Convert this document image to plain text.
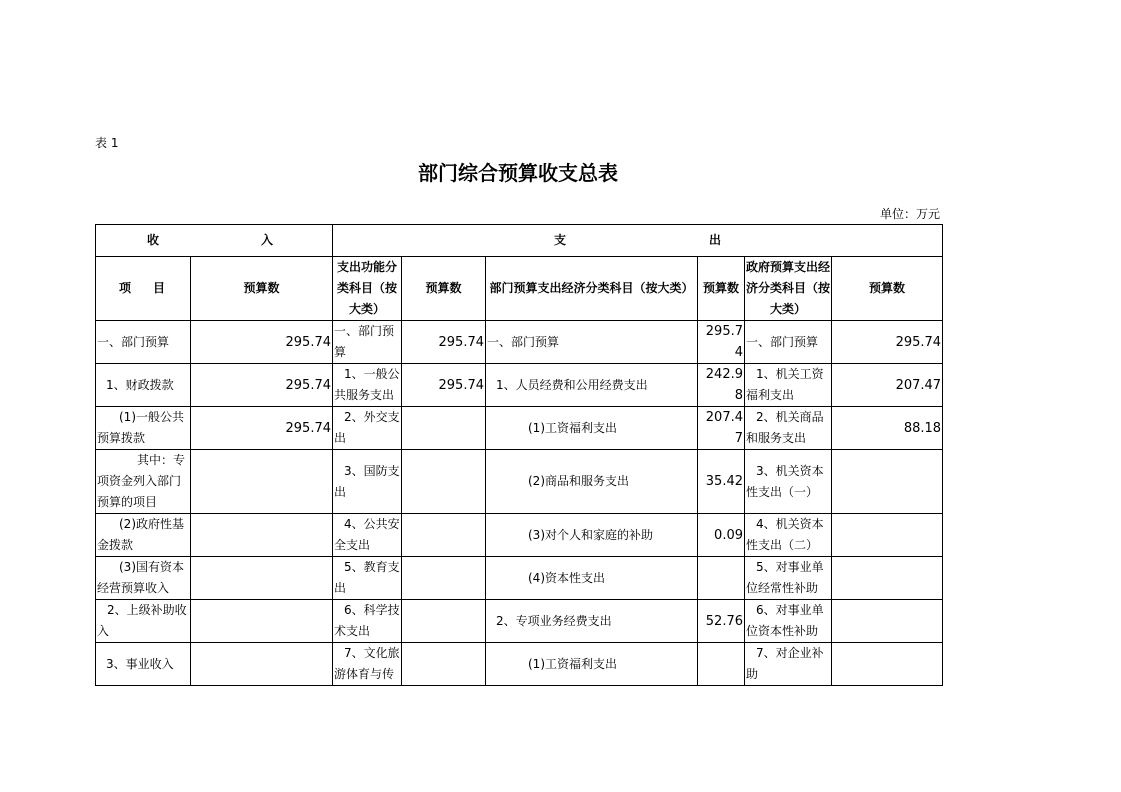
表 1
部门综合预算收支总表
单位：万元
收 入		支 出					

项 目	预算数	支出功能分类科目（按大类）	预算数	部门预算支出经济分类科目（按大类）	预算数	政府预算支出经济分类科目（按大类）	预算数
一、部门预算	295.74	一、部门预算	295.74	一、部门预算	295.74	一、部门预算	295.74
1、财政拨款	295.74	1、一般公共服务支出	295.74	1、人员经费和公用经费支出	242.98	1、机关工资福利支出	207.47
(1)一般公共预算拨款	295.74	2、外交支出		(1)工资福利支出	207.47	2、机关商品和服务支出	88.18
其中：专项资金列入部门预算的项目		3、国防支出		(2)商品和服务支出	35.42	3、机关资本性支出（一）	
(2)政府性基金拨款		4、公共安全支出		(3)对个人和家庭的补助	0.09	4、机关资本性支出（二）	
(3)国有资本经营预算收入		5、教育支出		(4)资本性支出		5、对事业单位经常性补助	
2、上级补助收入		6、科学技术支出		2、专项业务经费支出	52.76	6、对事业单位资本性补助	
3、事业收入		7、文化旅游体育与传		(1)工资福利支出		7、对企业补助	
